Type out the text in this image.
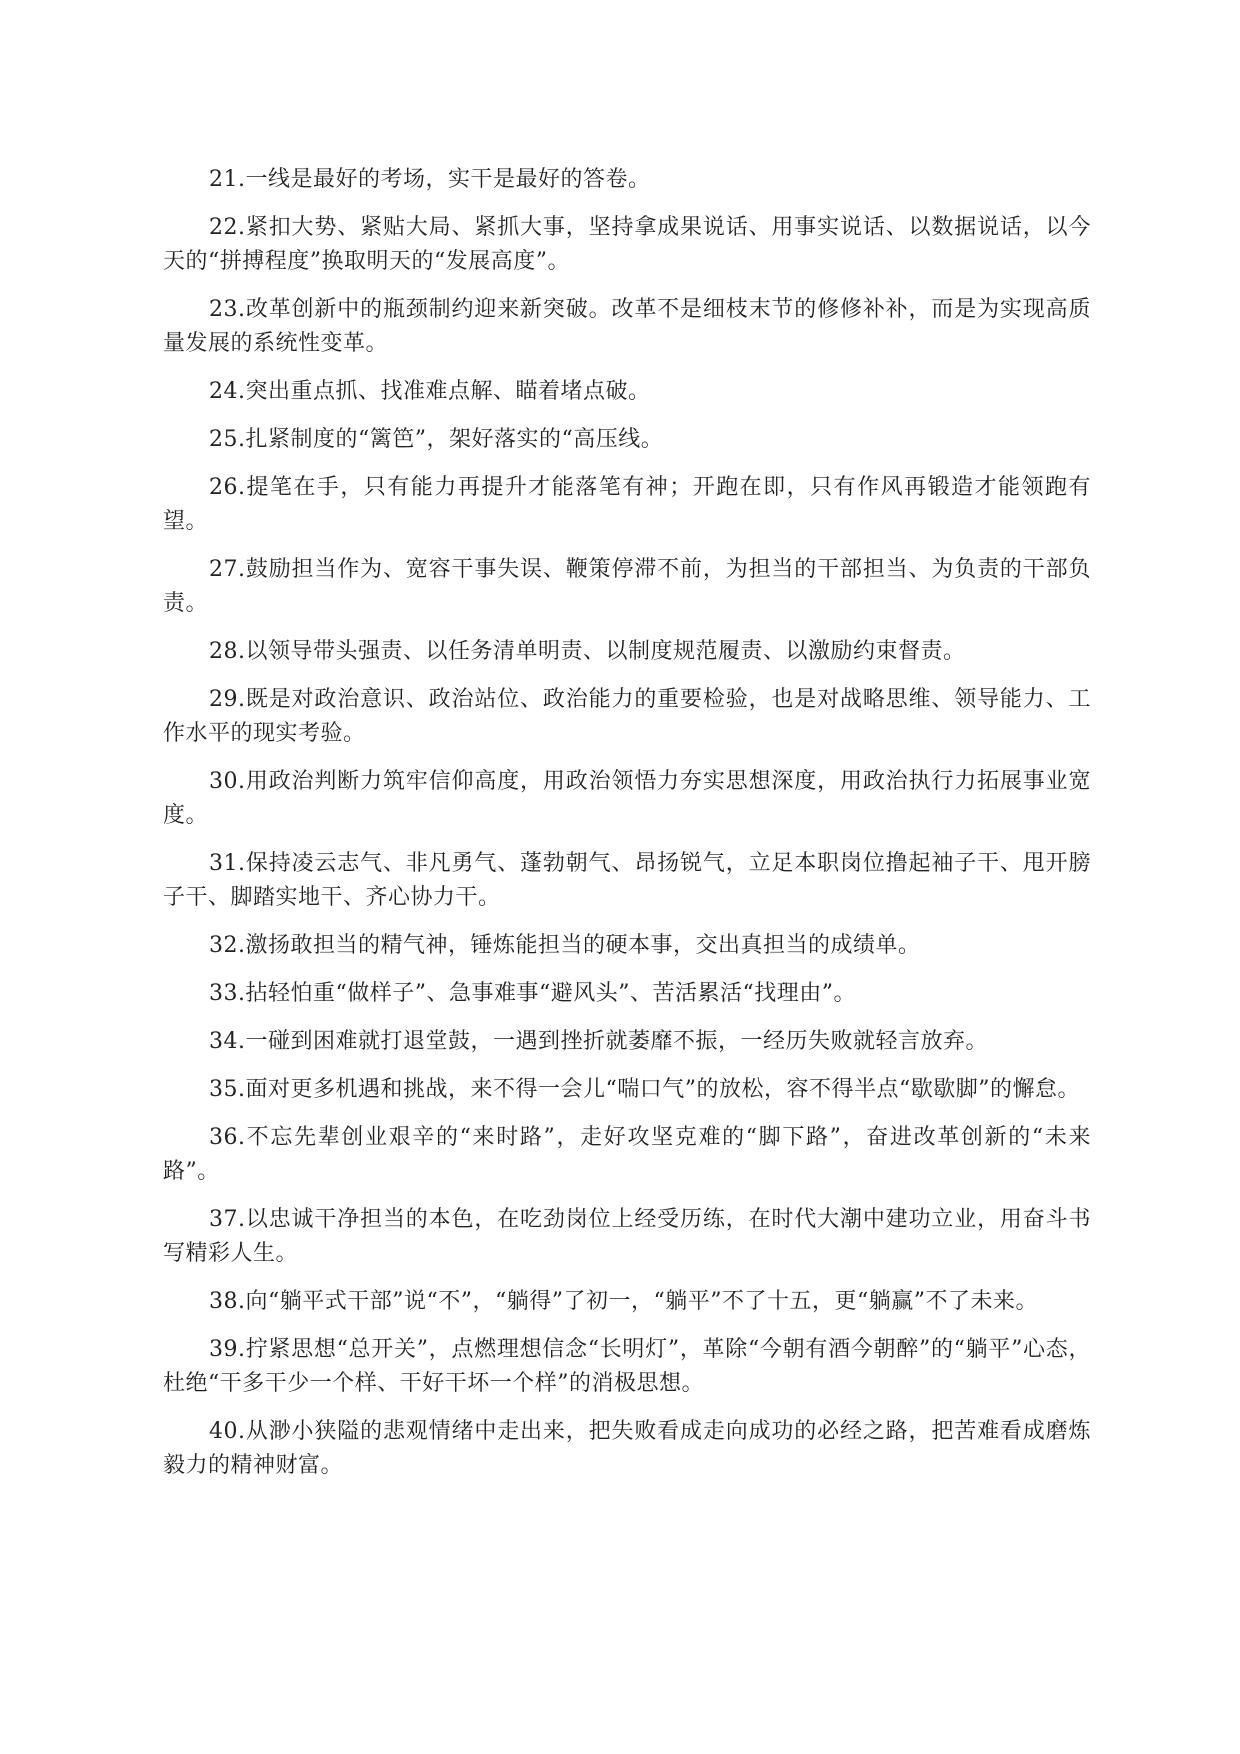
21.一线是最好的考场，实干是最好的答卷。

22.紧扣大势、紧贴大局、紧抓大事，坚持拿成果说话、用事实说话、以数据说话，以今天的“拼搏程度”换取明天的“发展高度”。

23.改革创新中的瓶颈制约迎来新突破。改革不是细枝末节的修修补补，而是为实现高质量发展的系统性变革。

24.突出重点抓、找准难点解、瞄着堵点破。

25.扎紧制度的“篱笆”，架好落实的“高压线。

26.提笔在手，只有能力再提升才能落笔有神；开跑在即，只有作风再锻造才能领跑有望。

27.鼓励担当作为、宽容干事失误、鞭策停滞不前，为担当的干部担当、为负责的干部负责。

28.以领导带头强责、以任务清单明责、以制度规范履责、以激励约束督责。

29.既是对政治意识、政治站位、政治能力的重要检验，也是对战略思维、领导能力、工作水平的现实考验。

30.用政治判断力筑牢信仰高度，用政治领悟力夯实思想深度，用政治执行力拓展事业宽度。

31.保持凌云志气、非凡勇气、蓬勃朝气、昂扬锐气，立足本职岗位撸起袖子干、甩开膀子干、脚踏实地干、齐心协力干。

32.激扬敢担当的精气神，锤炼能担当的硬本事，交出真担当的成绩单。

33.拈轻怕重“做样子”、急事难事“避风头”、苦活累活“找理由”。

34.一碰到困难就打退堂鼓，一遇到挫折就萎靡不振，一经历失败就轻言放弃。

35.面对更多机遇和挑战，来不得一会儿“喘口气”的放松，容不得半点“歇歇脚”的懈怠。

36.不忘先辈创业艰辛的“来时路”，走好攻坚克难的“脚下路”，奋进改革创新的“未来路”。

37.以忠诚干净担当的本色，在吃劲岗位上经受历练，在时代大潮中建功立业，用奋斗书写精彩人生。

38.向“躺平式干部”说“不”，“躺得”了初一，“躺平”不了十五，更“躺赢”不了未来。

39.拧紧思想“总开关”，点燃理想信念“长明灯”，革除“今朝有酒今朝醉”的“躺平”心态，杜绝“干多干少一个样、干好干坏一个样”的消极思想。

40.从渺小狭隘的悲观情绪中走出来，把失败看成走向成功的必经之路，把苦难看成磨炼毅力的精神财富。
